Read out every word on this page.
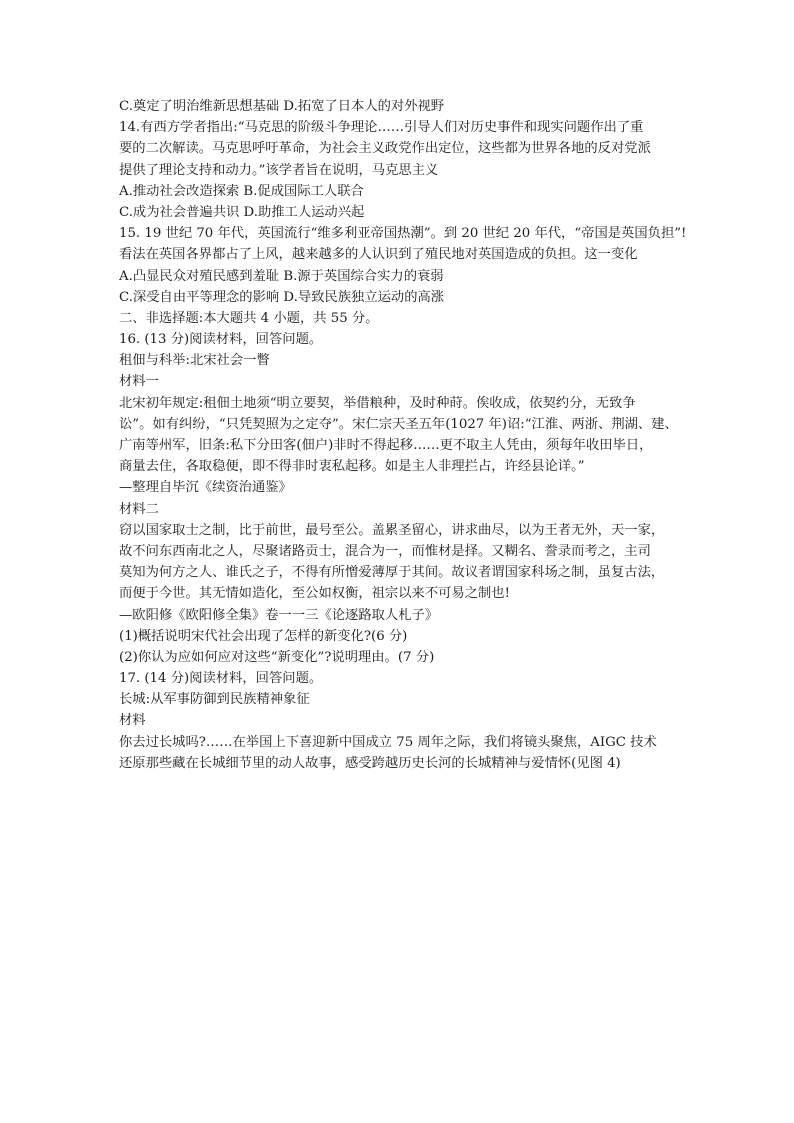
C.奠定了明治维新思想基础 D.拓宽了日本人的对外视野
14.有西方学者指出:“马克思的阶级斗争理论……引导人们对历史事件和现实问题作出了重
要的二次解读。马克思呼吁革命，为社会主义政党作出定位，这些都为世界各地的反对党派
提供了理论支持和动力。”该学者旨在说明，马克思主义
A.推动社会改造探索 B.促成国际工人联合
C.成为社会普遍共识 D.助推工人运动兴起
15. 19 世纪 70 年代，英国流行“维多利亚帝国热潮”。到 20 世纪 20 年代，“帝国是英国负担”!
看法在英国各界都占了上风，越来越多的人认识到了殖民地对英国造成的负担。这一变化
A.凸显民众对殖民感到羞耻 B.源于英国综合实力的衰弱
C.深受自由平等理念的影响 D.导致民族独立运动的高涨
二、非选择题:本大题共 4 小题，共 55 分。
16. (13 分)阅读材料，回答问题。
租佃与科举:北宋社会一瞥
材料一
北宋初年规定:租佃土地须“明立要契，举借粮种，及时种莳。俟收成，依契约分，无致争
讼”。如有纠纷，“只凭契照为之定夺”。宋仁宗天圣五年(1027 年)诏:“江淮、两浙、荆湖、建、
广南等州军，旧条:私下分田客(佃户)非时不得起移……更不取主人凭由，须每年收田毕日，
商量去住，各取稳便，即不得非时衷私起移。如是主人非理拦占，许经县论详。”
—整理自毕沉《续资治通鉴》
材料二
窃以国家取士之制，比于前世，最号至公。盖累圣留心，讲求曲尽，以为王者无外，天一家，
故不问东西南北之人，尽聚诸路贡士，混合为一，而惟材是择。又糊名、誊录而考之，主司
莫知为何方之人、谁氏之子，不得有所憎爱薄厚于其间。故议者谓国家科场之制，虽复古法，
而便于今世。其无情如造化，至公如权衡，祖宗以来不可易之制也!
—欧阳修《欧阳修全集》卷一一三《论逐路取人札子》
(1)概括说明宋代社会出现了怎样的新变化?(6 分)
(2)你认为应如何应对这些“新变化”?说明理由。(7 分)
17. (14 分)阅读材料，回答问题。
长城:从军事防御到民族精神象征
材料
你去过长城吗?……在举国上下喜迎新中国成立 75 周年之际，我们将镜头聚焦，AIGC 技术
还原那些藏在长城细节里的动人故事，感受跨越历史长河的长城精神与爱情怀(见图 4)
